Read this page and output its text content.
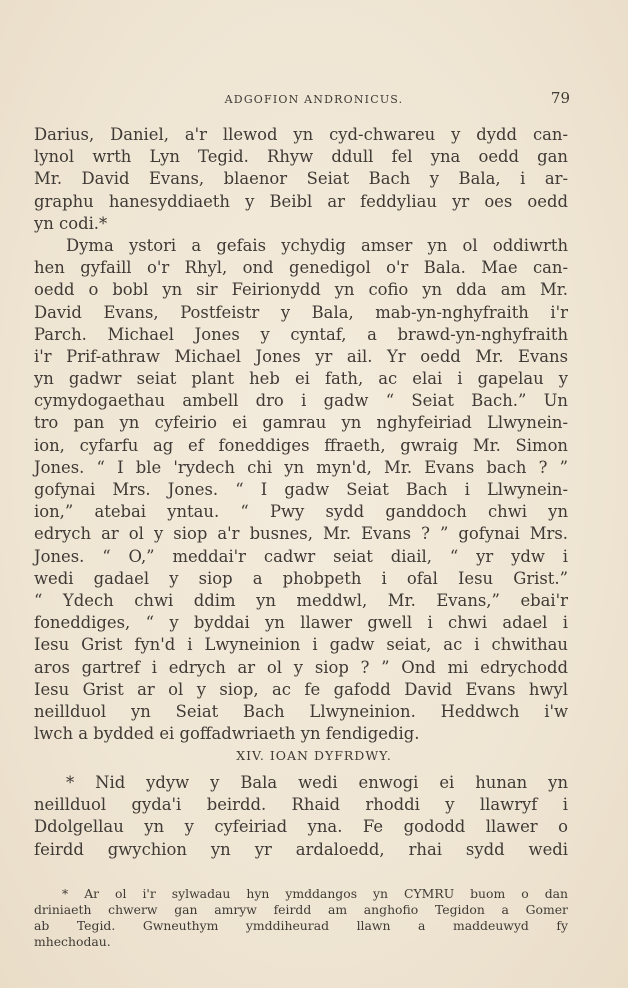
ADGOFION ANDRONICUS.	79
Darius, Daniel, a'r llewod yn cyd-chwareu y dydd can-
lynol wrth Lyn Tegid. Rhyw ddull fel yna oedd gan
Mr. David Evans, blaenor Seiat Bach y Bala, i ar-
graphu hanesyddiaeth y Beibl ar feddyliau yr oes oedd
yn codi.*
Dyma ystori a gefais ychydig amser yn ol oddiwrth
hen gyfaill o'r Rhyl, ond genedigol o'r Bala. Mae can-
oedd o bobl yn sir Feirionydd yn cofio yn dda am Mr.
David Evans, Postfeistr y Bala, mab-yn-nghyfraith i'r
Parch. Michael Jones y cyntaf, a brawd-yn-nghyfraith
i'r Prif-athraw Michael Jones yr ail. Yr oedd Mr. Evans
yn gadwr seiat plant heb ei fath, ac elai i gapelau y
cymydogaethau ambell dro i gadw “ Seiat Bach.” Un
tro pan yn cyfeirio ei gamrau yn nghyfeiriad Llwynein-
ion, cyfarfu ag ef foneddiges ffraeth, gwraig Mr. Simon
Jones. “ I ble 'rydech chi yn myn'd, Mr. Evans bach ? ”
gofynai Mrs. Jones. “ I gadw Seiat Bach i Llwynein-
ion,” atebai yntau. “ Pwy sydd ganddoch chwi yn
edrych ar ol y siop a'r busnes, Mr. Evans ? ” gofynai Mrs.
Jones. “ O,” meddai'r cadwr seiat diail, “ yr ydw i
wedi gadael y siop a phobpeth i ofal Iesu Grist.”
“ Ydech chwi ddim yn meddwl, Mr. Evans,” ebai'r
foneddiges, “ y byddai yn llawer gwell i chwi adael i
Iesu Grist fyn'd i Lwyneinion i gadw seiat, ac i chwithau
aros gartref i edrych ar ol y siop ? ” Ond mi edrychodd
Iesu Grist ar ol y siop, ac fe gafodd David Evans hwyl
neillduol yn Seiat Bach Llwyneinion. Heddwch i'w
lwch a bydded ei goffadwriaeth yn fendigedig.
XIV. IOAN DYFRDWY.
* Nid ydyw y Bala wedi enwogi ei hunan yn
neillduol gyda'i beirdd. Rhaid rhoddi y llawryf i
Ddolgellau yn y cyfeiriad yna. Fe gododd llawer o
feirdd gwychion yn yr ardaloedd, rhai sydd wedi
* Ar ol i'r sylwadau hyn ymddangos yn CYMRU buom o dan
driniaeth chwerw gan amryw feirdd am anghofio Tegidon a Gomer
ab Tegid. Gwneuthym ymddiheurad llawn a maddeuwyd fy
mhechodau.
